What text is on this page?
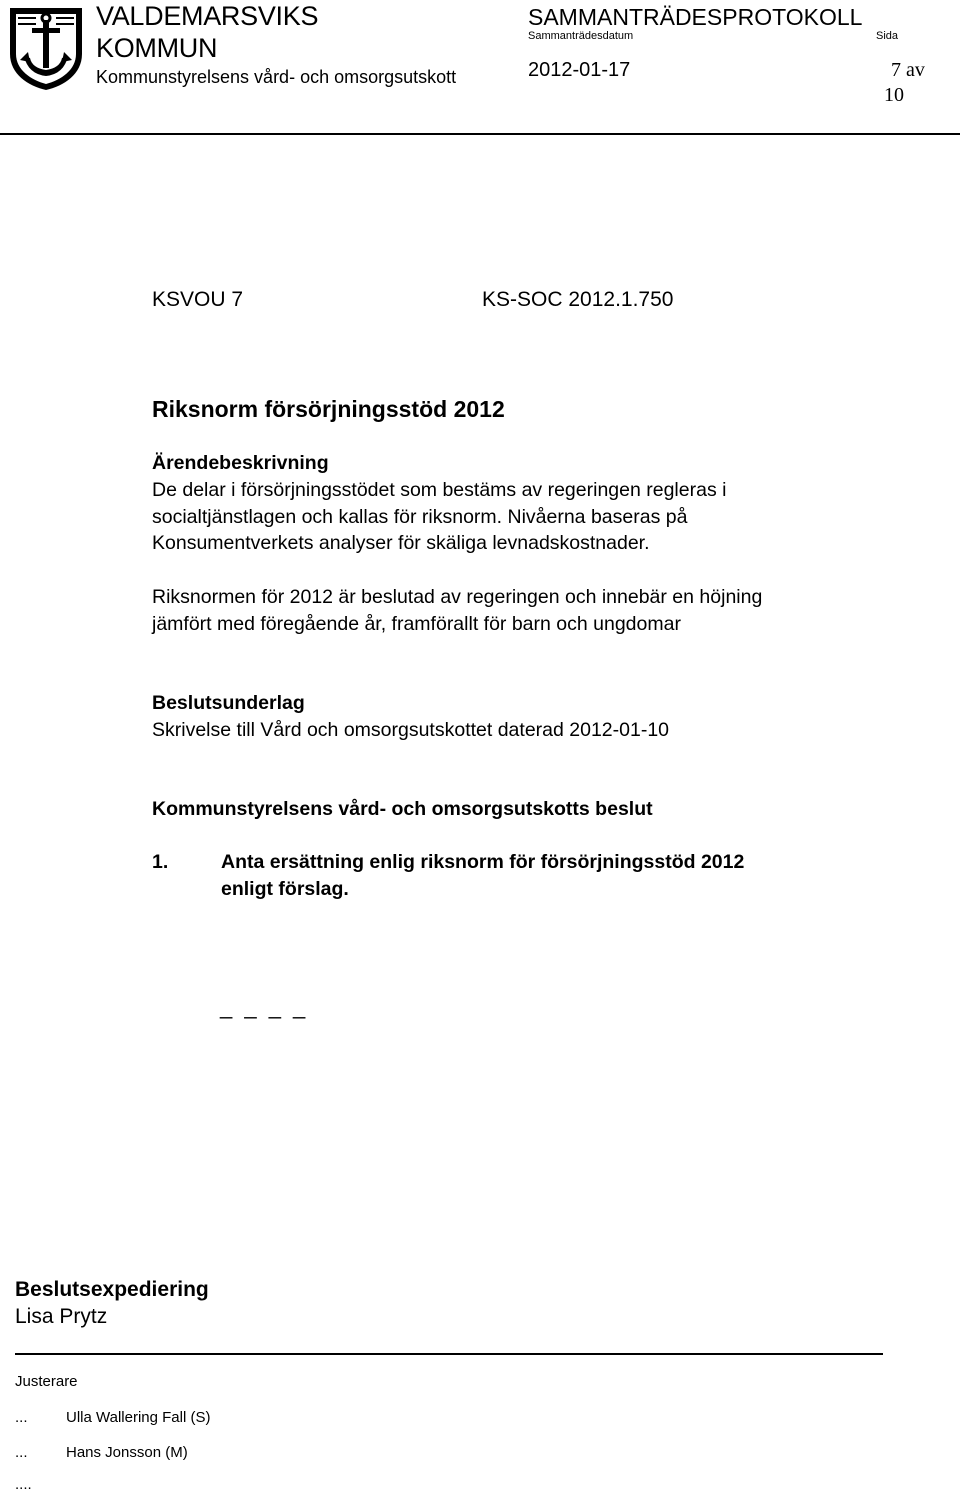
VALDEMARSVIKS
KOMMUN
Kommunstyrelsens vård- och omsorgsutskott
SAMMANTRÄDESPROTOKOLL
Sammanträdesdatum	Sida
2012-01-17	7 av
10
KSVOU 7	KS-SOC 2012.1.750
Riksnorm försörjningsstöd 2012
Ärendebeskrivning
De delar i försörjningsstödet som bestäms av regeringen regleras i
socialtjänstlagen och kallas för riksnorm. Nivåerna baseras på
Konsumentverkets analyser för skäliga levnadskostnader.
Riksnormen för 2012 är beslutad av regeringen och innebär en höjning
jämfört med föregående år, framförallt för barn och ungdomar
Beslutsunderlag
Skrivelse till Vård och omsorgsutskottet daterad 2012-01-10
Kommunstyrelsens vård- och omsorgsutskotts beslut
1.	Anta ersättning enlig riksnorm för försörjningsstöd 2012
enligt förslag.
_ _ _ _
Beslutsexpediering
Lisa Prytz
Justerare
...	Ulla Wallering Fall (S)
...	Hans Jonsson (M)
....
